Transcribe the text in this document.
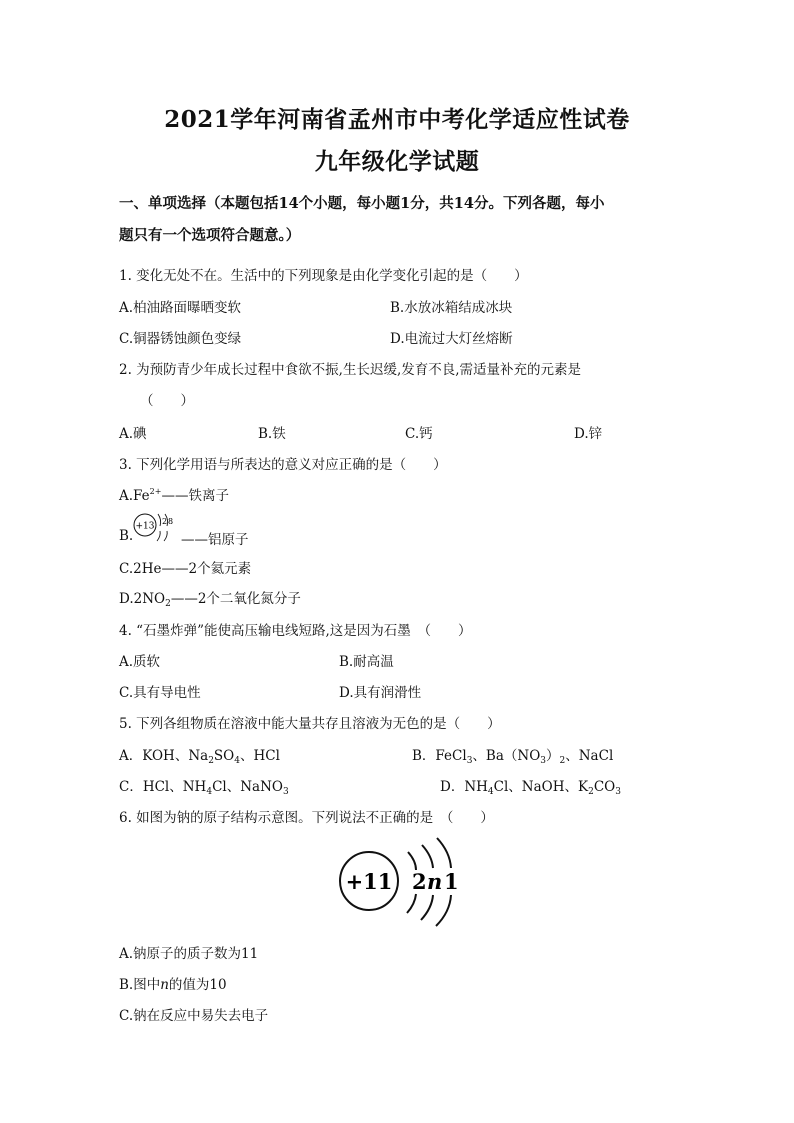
2021学年河南省孟州市中考化学适应性试卷
九年级化学试题
一、单项选择（本题包括14个小题，每小题1分，共14分。下列各题，每小
题只有一个选项符合题意。）
1. 变化无处不在。生活中的下列现象是由化学变化引起的是（　　）
A.柏油路面曝晒变软	B.水放冰箱结成冰块
C.铜器锈蚀颜色变绿	D.电流过大灯丝熔断
2. 为预防青少年成长过程中食欲不振,生长迟缓,发育不良,需适量补充的元素是
（　　）
A.碘	B.铁	C.钙	D.锌
3. 下列化学用语与所表达的意义对应正确的是（　　）
$A.Fe^{2+}——$铁离子
B.
+13 2 8
——铝原子
C.2He——2个氦元素
$D.2NO_2——2$个二氧化氮分子
4. “石墨炸弹”能使高压输电线短路,这是因为石墨　（　　）
A.质软	B.耐高温
C.具有导电性	D.具有润滑性
5. 下列各组物质在溶液中能大量共存且溶液为无色的是（　　）
A．KOH、$Na_2SO_4$、HCl	B．FeCl$_3$、$Ba(NO_3)_2$、NaCl
C．HCl、$NH_4Cl$、NaNO$_3$	D．$NH_4Cl$、NaOH、$K_2CO_3$
6. 如图为钠的原子结构示意图。下列说法不正确的是　（　　）
+11 2 n 1
A.钠原子的质子数为11
B.图中n的值为10
C.钠在反应中易失去电子
